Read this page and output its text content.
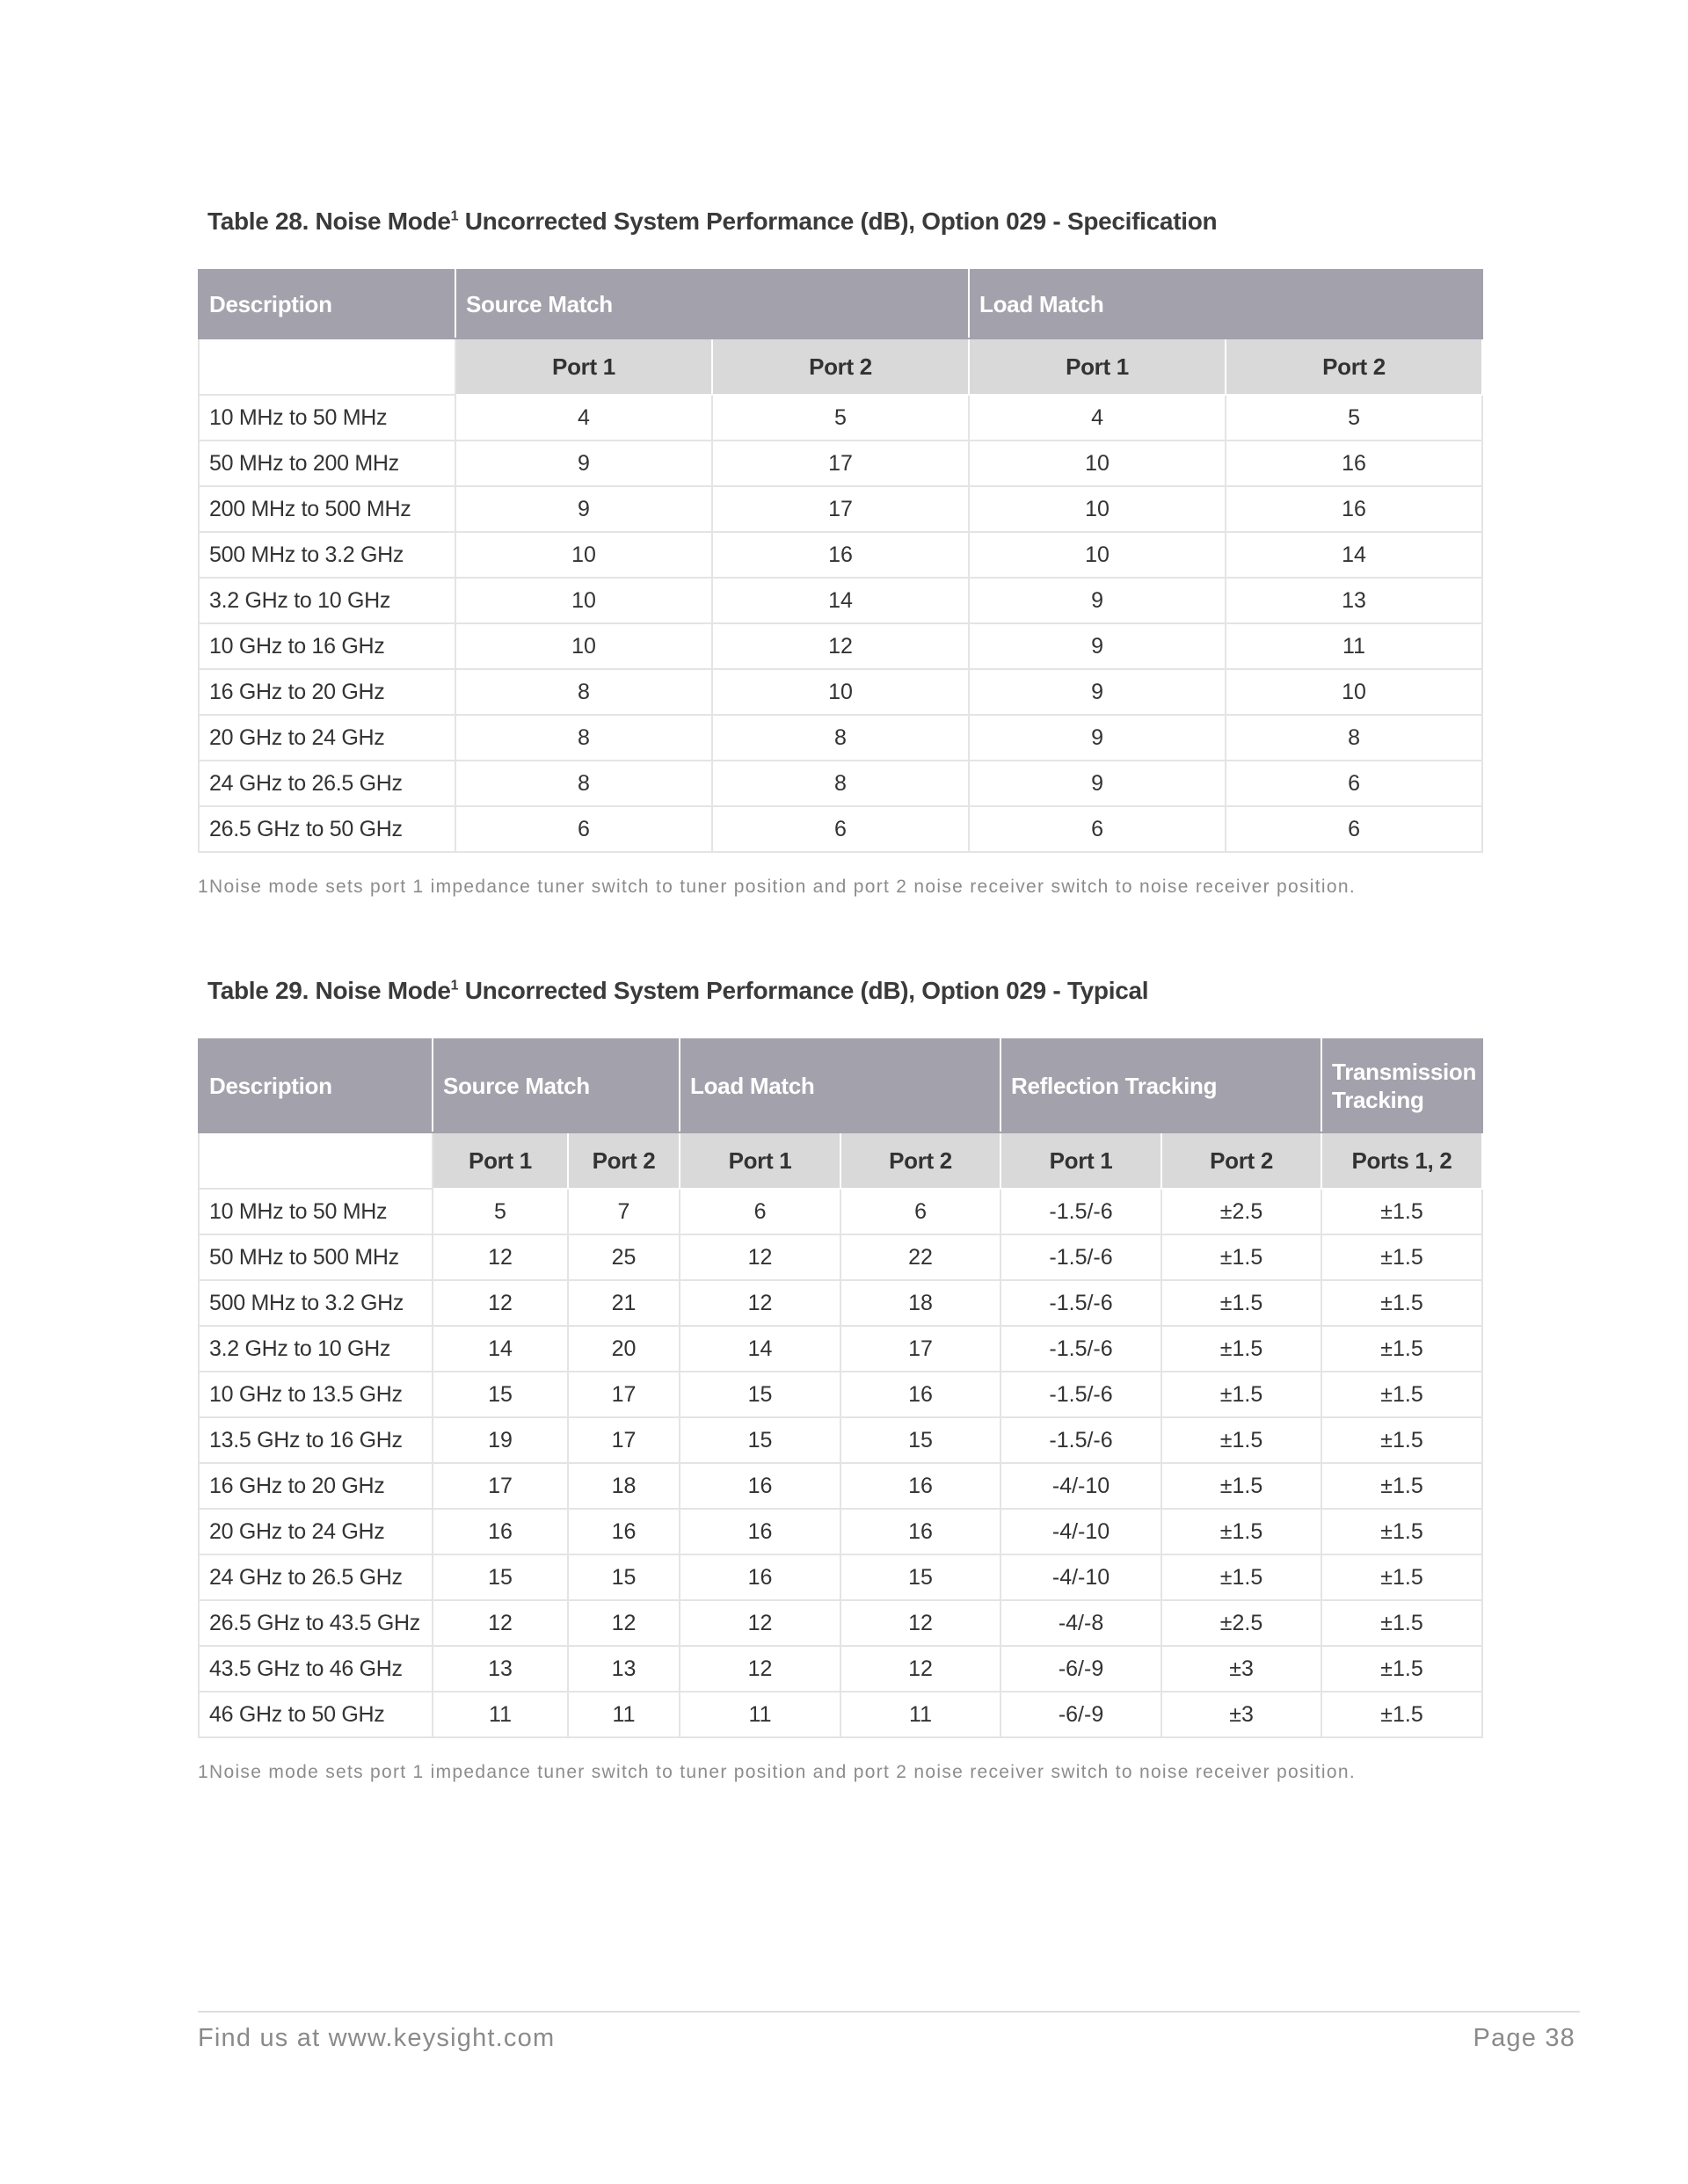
Table 28. Noise Mode$^1$ Uncorrected System Performance (dB), Option 029 - Specification
Description	Source Match		Load Match	
	Port 1	Port 2	Port 1	Port 2
10 MHz to 50 MHz	4	5	4	5
50 MHz to 200 MHz	9	17	10	16
200 MHz to 500 MHz	9	17	10	16
500 MHz to 3.2 GHz	10	16	10	14
3.2 GHz to 10 GHz	10	14	9	13
10 GHz to 16 GHz	10	12	9	11
16 GHz to 20 GHz	8	10	9	10
20 GHz to 24 GHz	8	8	9	8
24 GHz to 26.5 GHz	8	8	9	6
26.5 GHz to 50 GHz	6	6	6	6
1Noise mode sets port 1 impedance tuner switch to tuner position and port 2 noise receiver switch to noise receiver position.
Table 29. Noise Mode$^1$ Uncorrected System Performance (dB), Option 029 - Typical
Description	Source Match		Load Match		Reflection Tracking		Transmission Tracking
	Port 1	Port 2	Port 1	Port 2	Port 1	Port 2	Ports 1, 2
10 MHz to 50 MHz	5	7	6	6	-1.5/-6	±2.5	±1.5
50 MHz to 500 MHz	12	25	12	22	-1.5/-6	±1.5	±1.5
500 MHz to 3.2 GHz	12	21	12	18	-1.5/-6	±1.5	±1.5
3.2 GHz to 10 GHz	14	20	14	17	-1.5/-6	±1.5	±1.5
10 GHz to 13.5 GHz	15	17	15	16	-1.5/-6	±1.5	±1.5
13.5 GHz to 16 GHz	19	17	15	15	-1.5/-6	±1.5	±1.5
16 GHz to 20 GHz	17	18	16	16	-4/-10	±1.5	±1.5
20 GHz to 24 GHz	16	16	16	16	-4/-10	±1.5	±1.5
24 GHz to 26.5 GHz	15	15	16	15	-4/-10	±1.5	±1.5
26.5 GHz to 43.5 GHz	12	12	12	12	-4/-8	±2.5	±1.5
43.5 GHz to 46 GHz	13	13	12	12	-6/-9	±3	±1.5
46 GHz to 50 GHz	11	11	11	11	-6/-9	±3	±1.5
1Noise mode sets port 1 impedance tuner switch to tuner position and port 2 noise receiver switch to noise receiver position.
Find us at www.keysight.com	Page 38
